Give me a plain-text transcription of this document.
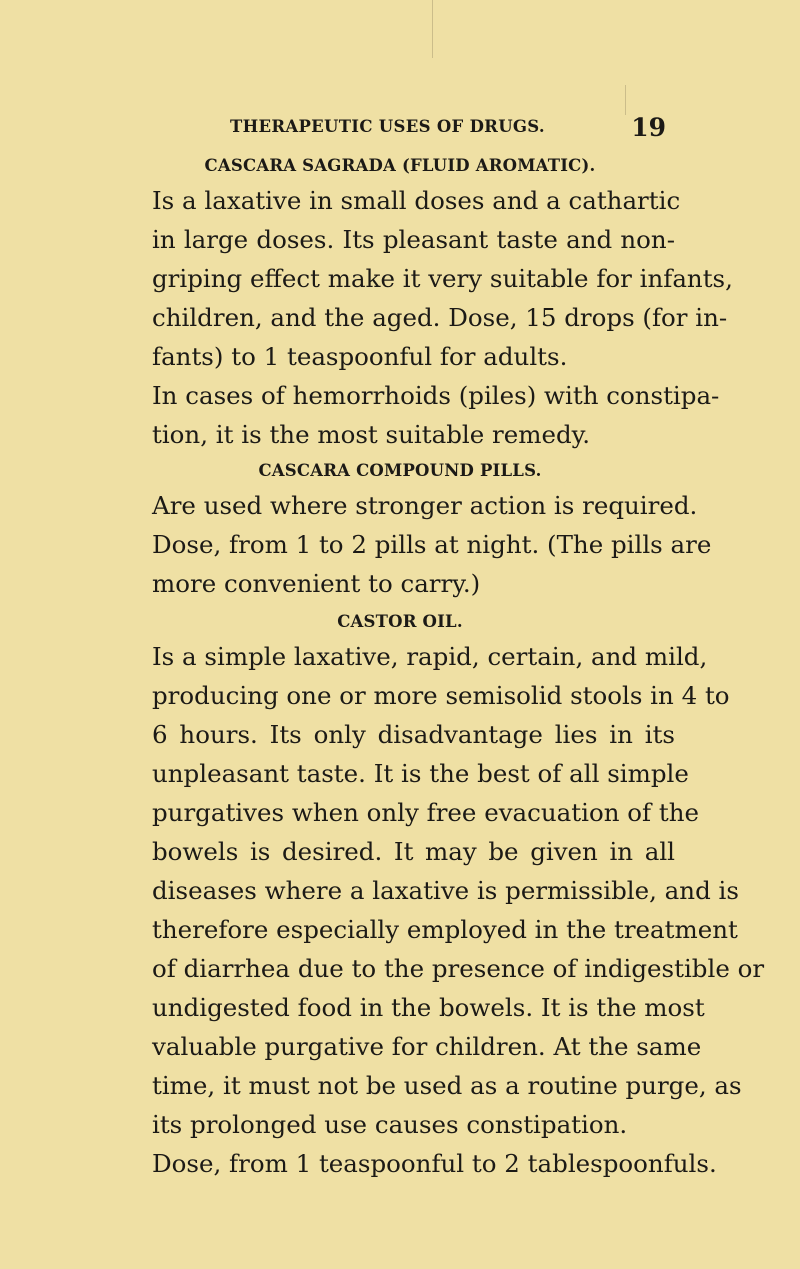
THERAPEUTIC USES OF DRUGS.	19
CASCARA SAGRADA (FLUID AROMATIC).
Is a laxative in small doses and a cathartic
in large doses. Its pleasant taste and non-
griping effect make it very suitable for infants,
children, and the aged. Dose, 15 drops (for in-
fants) to 1 teaspoonful for adults.
In cases of hemorrhoids (piles) with constipa-
tion, it is the most suitable remedy.
CASCARA COMPOUND PILLS.
Are used where stronger action is required.
Dose, from 1 to 2 pills at night. (The pills are
more convenient to carry.)
CASTOR OIL.
Is a simple laxative, rapid, certain, and mild,
producing one or more semisolid stools in 4 to
6 hours. Its only disadvantage lies in its
unpleasant taste. It is the best of all simple
purgatives when only free evacuation of the
bowels is desired. It may be given in all
diseases where a laxative is permissible, and is
therefore especially employed in the treatment
of diarrhea due to the presence of indigestible or
undigested food in the bowels. It is the most
valuable purgative for children. At the same
time, it must not be used as a routine purge, as
its prolonged use causes constipation.
Dose, from 1 teaspoonful to 2 tablespoonfuls.
